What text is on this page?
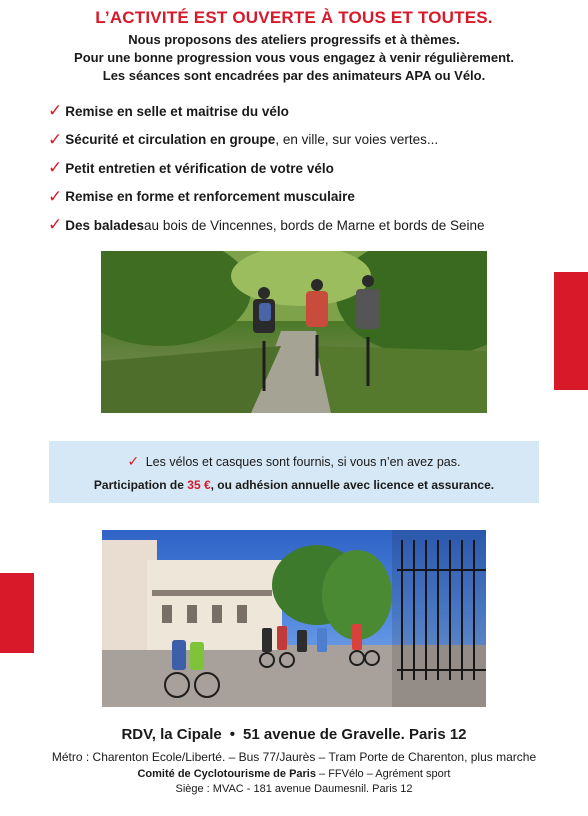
L’ACTIVITÉ EST OUVERTE À TOUS ET TOUTES.
Nous proposons des ateliers progressifs et à thèmes.
Pour une bonne progression vous vous engagez à venir régulièrement.
Les séances sont encadrées par des animateurs APA ou Vélo.
✓ Remise en selle et maitrise du vélo
✓ Sécurité et circulation en groupe , en ville, sur voies vertes...
✓ Petit entretien et vérification de votre vélo
✓ Remise en forme et renforcement musculaire
✓ Des balades au bois de Vincennes, bords de Marne et bords de Seine
✓ Les vélos et casques sont fournis, si vous n’en avez pas.
Participation de 35 €, ou adhésion annuelle avec licence et assurance.
RDV, la Cipale • 51 avenue de Gravelle. Paris 12
Métro : Charenton Ecole/Liberté. – Bus 77/Jaurès – Tram Porte de Charenton, plus marche
Comité de Cyclotourisme de Paris – FFVélo – Agrément sport
Siège : MVAC - 181 avenue Daumesnil. Paris 12
